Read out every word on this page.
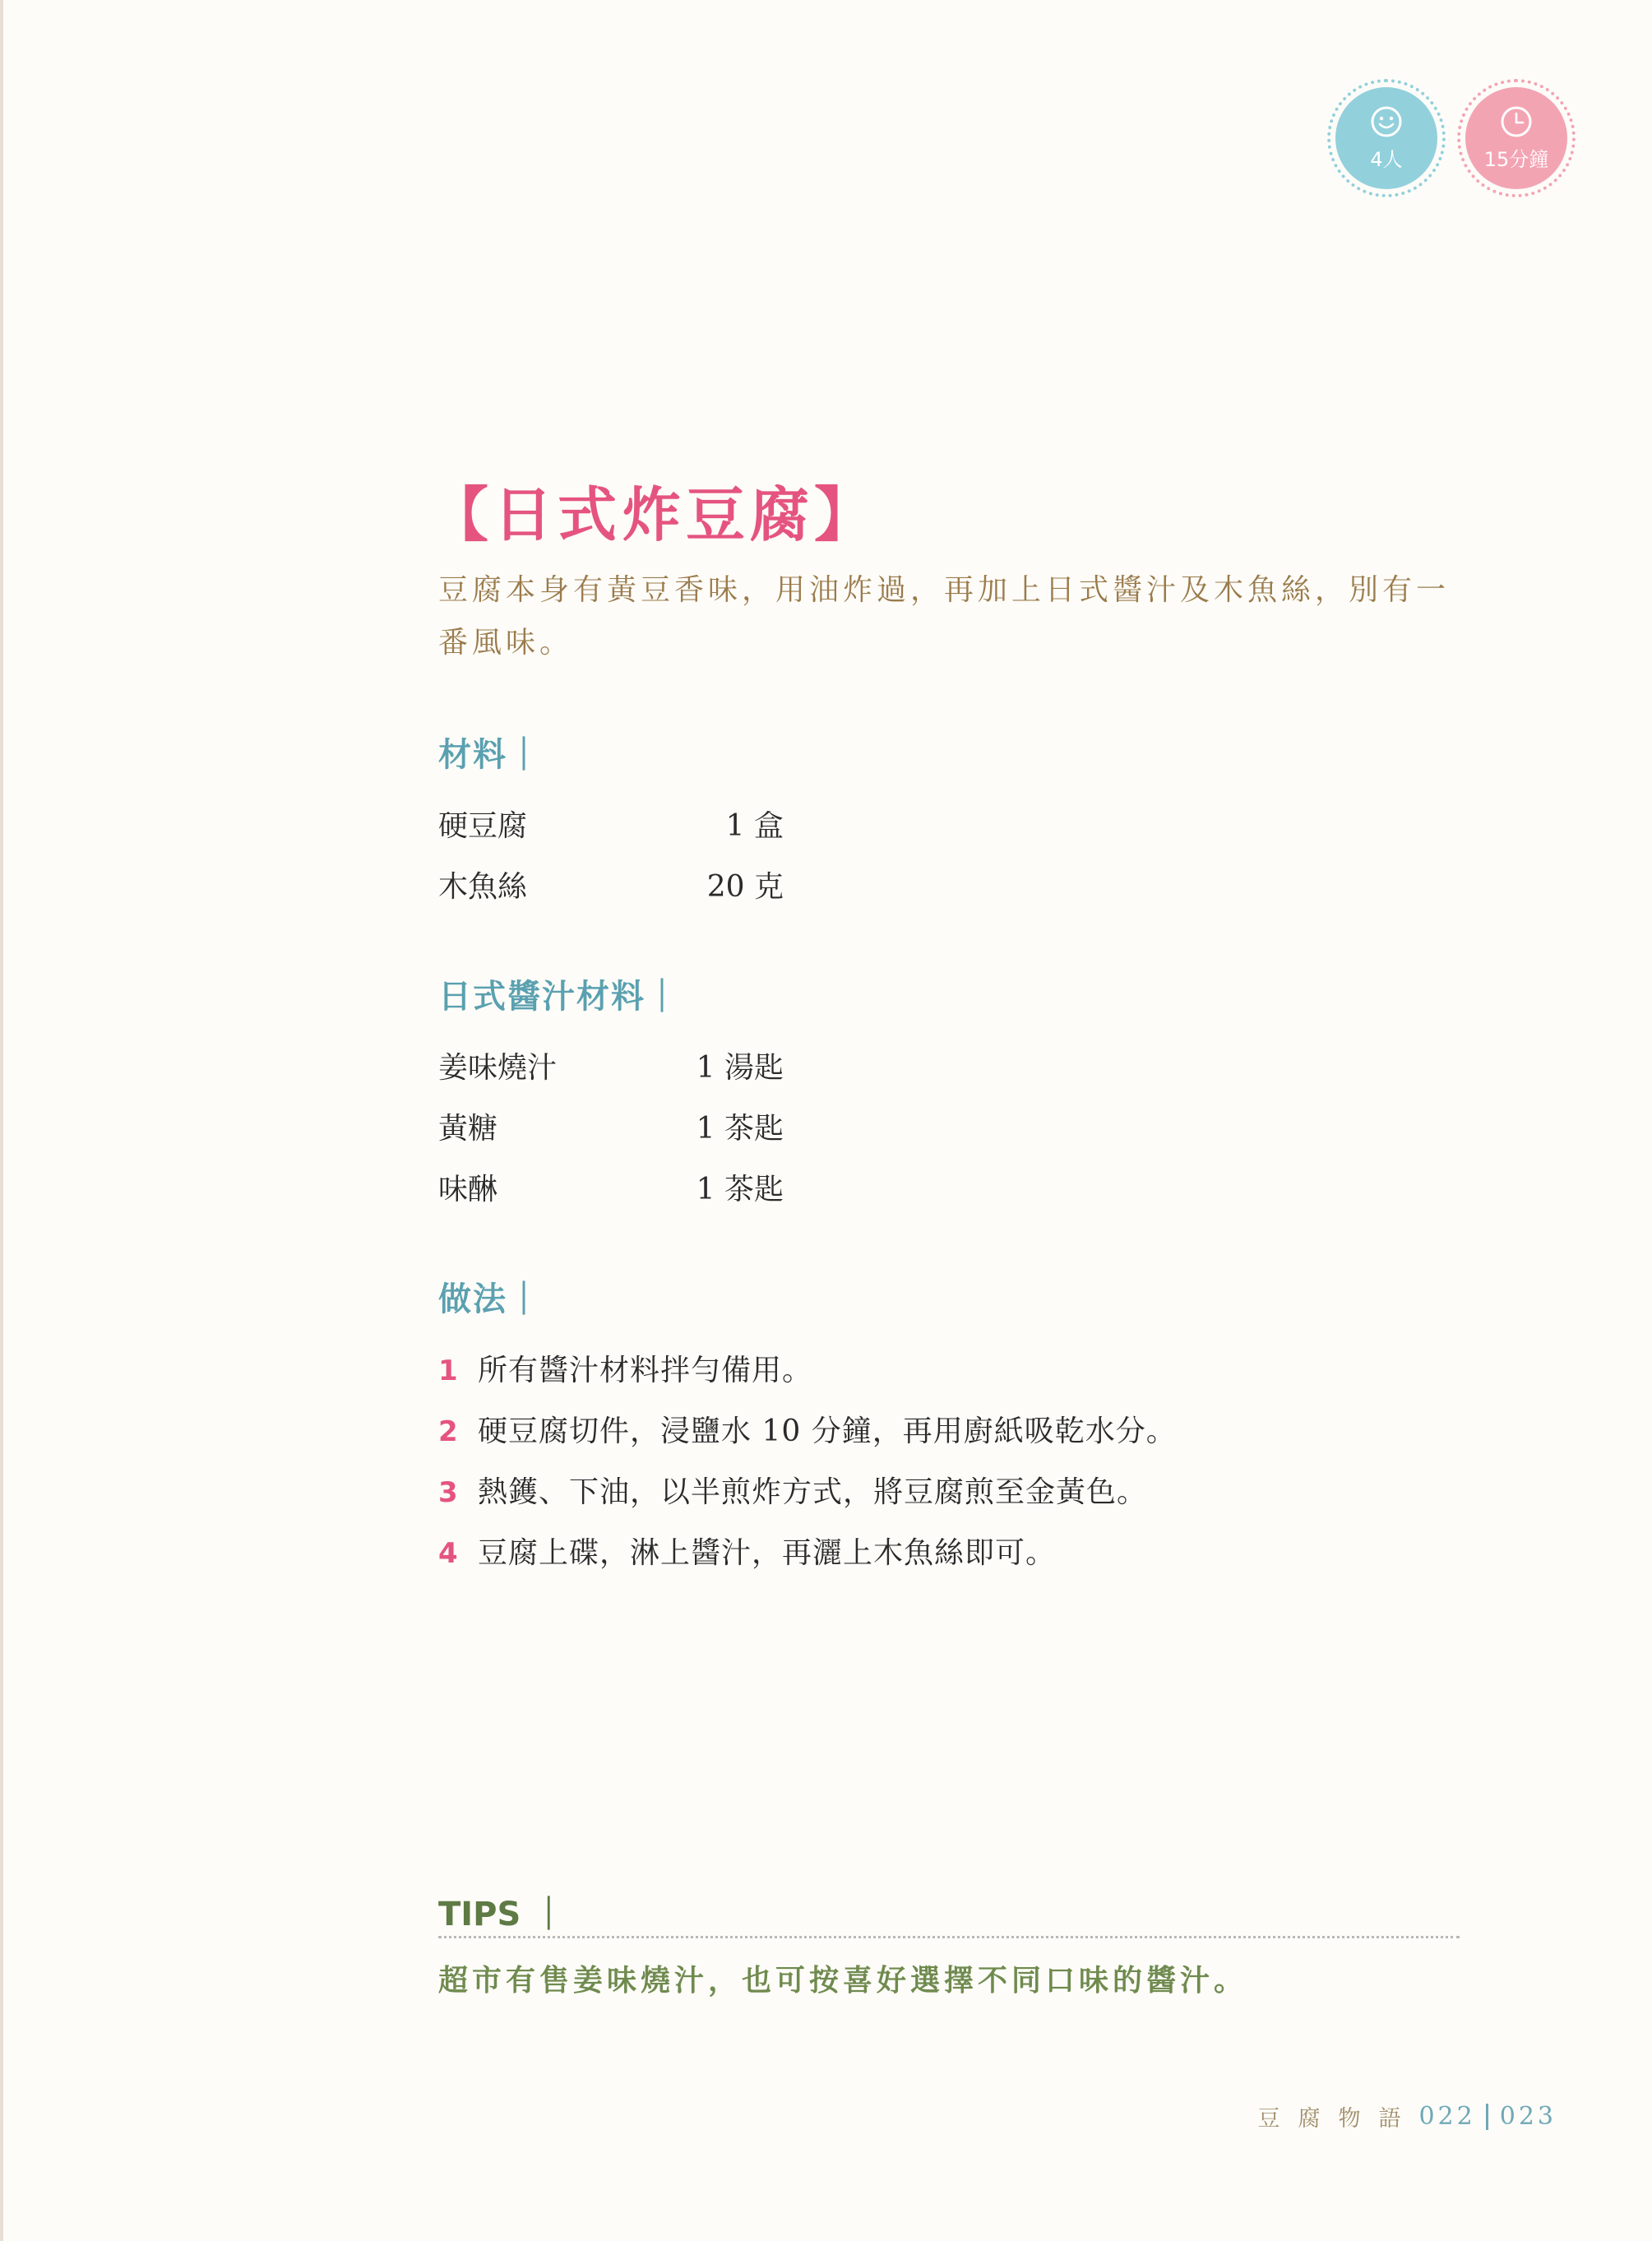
4人	15分鐘
【日式炸豆腐】
豆腐本身有黃豆香味，用油炸過，再加上日式醬汁及木魚絲，別有一番風味。
材料｜
硬豆腐	1 盒
木魚絲	20 克
日式醬汁材料｜
姜味燒汁	1 湯匙
黃糖	1 茶匙
味醂	1 茶匙
做法｜
1 所有醬汁材料拌勻備用。
2 硬豆腐切件，浸鹽水 10 分鐘，再用廚紙吸乾水分。
3 熱鑊、下油，以半煎炸方式，將豆腐煎至金黃色。
4 豆腐上碟，淋上醬汁，再灑上木魚絲即可。
TIPS ｜
超市有售姜味燒汁，也可按喜好選擇不同口味的醬汁。
豆腐物語 022 023
